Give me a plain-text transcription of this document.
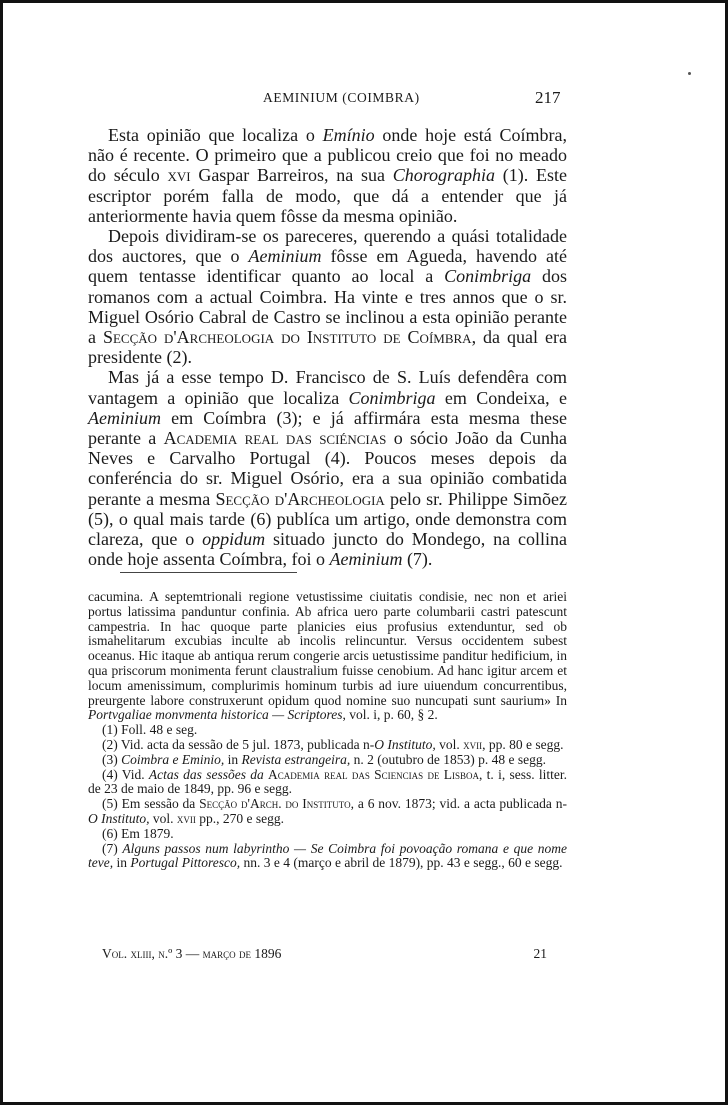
AEMINIUM (COIMBRA)	217

Esta opinião que localiza o Emínio onde hoje está Coímbra, não é recente. O primeiro que a publicou creio que foi no meado do século xvi Gaspar Barreiros, na sua Chorographia (1). Este escriptor porém falla de modo, que dá a entender que já anteriormente havia quem fôsse da mesma opinião.

Depois dividiram-se os pareceres, querendo a quási totalidade dos auctores, que o Aeminium fôsse em Agueda, havendo até quem tentasse identificar quanto ao local a Conimbriga dos romanos com a actual Coimbra. Ha vinte e tres annos que o sr. Miguel Osório Cabral de Castro se inclinou a esta opinião perante a Secção d'Archeologia do Instituto de Coímbra, da qual era presidente (2).

Mas já a esse tempo D. Francisco de S. Luís defendêra com vantagem a opinião que localiza Conimbriga em Condeixa, e Aeminium em Coímbra (3); e já affirmára esta mesma these perante a Academia real das sciéncias o sócio João da Cunha Neves e Carvalho Portugal (4). Poucos meses depois da conferéncia do sr. Miguel Osório, era a sua opinião combatida perante a mesma Secção d'Archeologia pelo sr. Philippe Simõez (5), o qual mais tarde (6) publíca um artigo, onde demonstra com clareza, que o oppidum situado juncto do Mondego, na collina onde hoje assenta Coímbra, foi o Aeminium (7).

cacumina. A septemtrionali regione vetustissime ciuitatis condisie, nec non et ariei portus latissima panduntur confinia. Ab africa uero parte columbarii castri patescunt campestria. In hac quoque parte planicies eius profusius extenduntur, sed ob ismahelitarum excubias inculte ab incolis relincuntur. Versus occidentem subest oceanus. Hic itaque ab antiqua rerum congerie arcis uetustissime panditur hedificium, in qua priscorum monimenta ferunt claustralium fuisse cenobium. Ad hanc igitur arcem et locum amenissimum, complurimis hominum turbis ad iure uiuendum concurrentibus, preurgente labore construxerunt opidum quod nomine suo nuncupati sunt saurium» In Portvgaliae monvmenta historica — Scriptores, vol. i, p. 60, § 2.

(1) Foll. 48 e seg.

(2) Vid. acta da sessão de 5 jul. 1873, publicada n-O Instituto, vol. xvii, pp. 80 e segg.

(3) Coimbra e Eminio, in Revista estrangeira, n. 2 (outubro de 1853) p. 48 e segg.

(4) Vid. Actas das sessões da Academia real das Sciencias de Lisboa, t. i, sess. litter. de 23 de maio de 1849, pp. 96 e segg.

(5) Em sessão da Secção d'Arch. do Instituto, a 6 nov. 1873; vid. a acta publicada n-O Instituto, vol. xvii pp., 270 e segg.

(6) Em 1879.

(7) Alguns passos num labyrintho — Se Coimbra foi povoação romana e que nome teve, in Portugal Pittoresco, nn. 3 e 4 (março e abril de 1879), pp. 43 e segg., 60 e segg.

Vol. xliii, n.º 3 — março de 1896	21
